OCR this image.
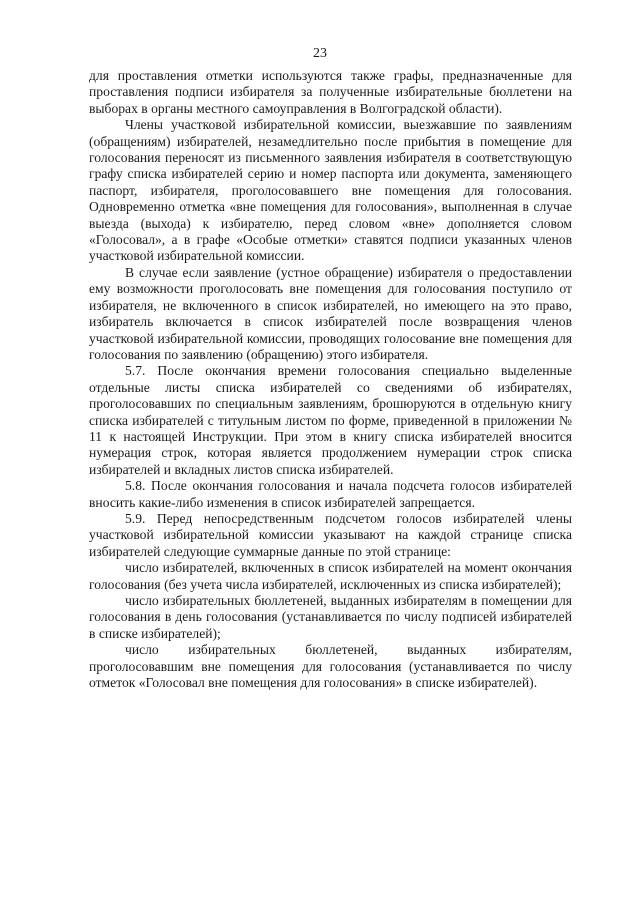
23

для проставления отметки используются также графы, предназначенные для проставления подписи избирателя за полученные избирательные бюллетени на выборах в органы местного самоуправления в Волгоградской области).

Члены участковой избирательной комиссии, выезжавшие по заявлениям (обращениям) избирателей, незамедлительно после прибытия в помещение для голосования переносят из письменного заявления избирателя в соответствующую графу списка избирателей серию и номер паспорта или документа, заменяющего паспорт, избирателя, проголосовавшего вне помещения для голосования. Одновременно отметка «вне помещения для голосования», выполненная в случае выезда (выхода) к избирателю, перед словом «вне» дополняется словом «Голосовал», а в графе «Особые отметки» ставятся подписи указанных членов участковой избирательной комиссии.

В случае если заявление (устное обращение) избирателя о предоставлении ему возможности проголосовать вне помещения для голосования поступило от избирателя, не включенного в список избирателей, но имеющего на это право, избиратель включается в список избирателей после возвращения членов участковой избирательной комиссии, проводящих голосование вне помещения для голосования по заявлению (обращению) этого избирателя.

5.7. После окончания времени голосования специально выделенные отдельные листы списка избирателей со сведениями об избирателях, проголосовавших по специальным заявлениям, брошюруются в отдельную книгу списка избирателей с титульным листом по форме, приведенной в приложении № 11 к настоящей Инструкции. При этом в книгу списка избирателей вносится нумерация строк, которая является продолжением нумерации строк списка избирателей и вкладных листов списка избирателей.

5.8. После окончания голосования и начала подсчета голосов избирателей вносить какие-либо изменения в список избирателей запрещается.

5.9. Перед непосредственным подсчетом голосов избирателей члены участковой избирательной комиссии указывают на каждой странице списка избирателей следующие суммарные данные по этой странице:

число избирателей, включенных в список избирателей на момент окончания голосования (без учета числа избирателей, исключенных из списка избирателей);

число избирательных бюллетеней, выданных избирателям в помещении для голосования в день голосования (устанавливается по числу подписей избирателей в списке избирателей);

число избирательных бюллетеней, выданных избирателям, проголосовавшим вне помещения для голосования (устанавливается по числу отметок «Голосовал вне помещения для голосования» в списке избирателей).
